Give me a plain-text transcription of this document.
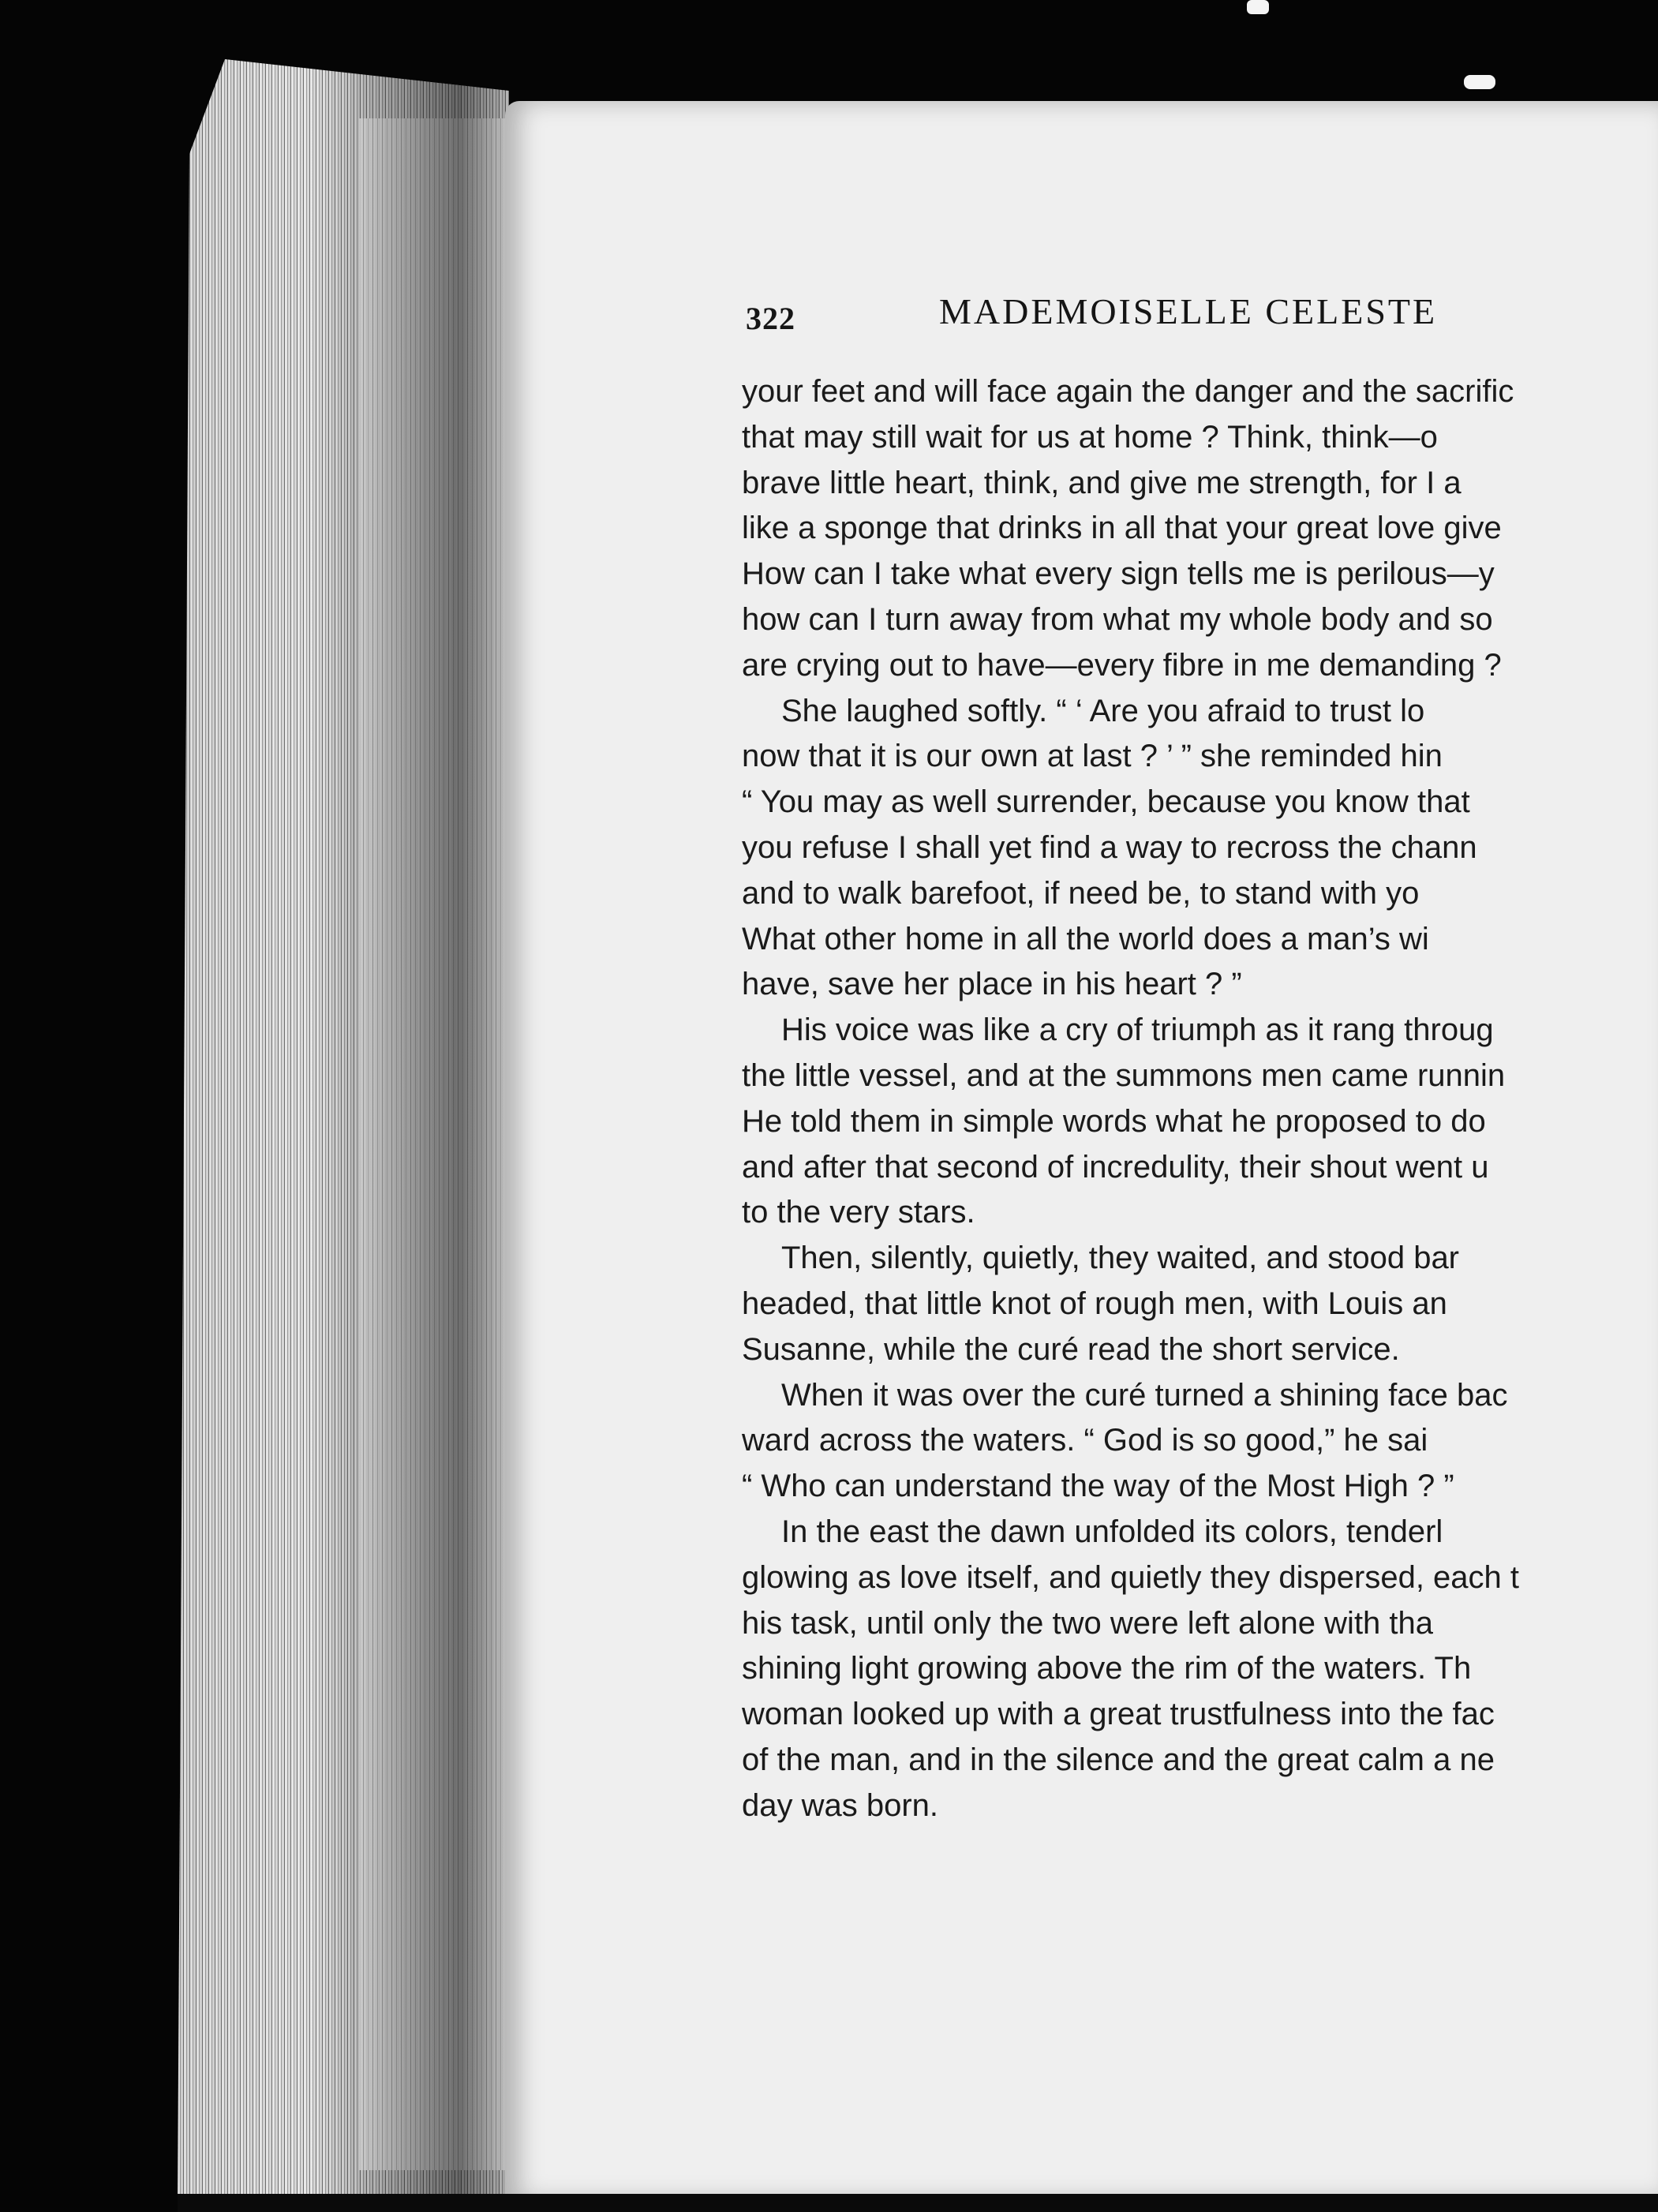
322	MADEMOISELLE CELESTE
your feet and will face again the danger and the sacrific
that may still wait for us at home ? Think, think—o
brave little heart, think, and give me strength, for I a
like a sponge that drinks in all that your great love give
How can I take what every sign tells me is perilous—y
how can I turn away from what my whole body and so
are crying out to have—every fibre in me demanding ?
She laughed softly. “ ‘ Are you afraid to trust lo
now that it is our own at last ? ’ ” she reminded hin
“ You may as well surrender, because you know that
you refuse I shall yet find a way to recross the chann
and to walk barefoot, if need be, to stand with yo
What other home in all the world does a man’s wi
have, save her place in his heart ? ”
His voice was like a cry of triumph as it rang throug
the little vessel, and at the summons men came runnin
He told them in simple words what he proposed to do
and after that second of incredulity, their shout went u
to the very stars.
Then, silently, quietly, they waited, and stood bar
headed, that little knot of rough men, with Louis an
Susanne, while the curé read the short service.
When it was over the curé turned a shining face bac
ward across the waters. “ God is so good,” he sai
“ Who can understand the way of the Most High ? ”
In the east the dawn unfolded its colors, tenderl
glowing as love itself, and quietly they dispersed, each t
his task, until only the two were left alone with tha
shining light growing above the rim of the waters. Th
woman looked up with a great trustfulness into the fac
of the man, and in the silence and the great calm a ne
day was born.
